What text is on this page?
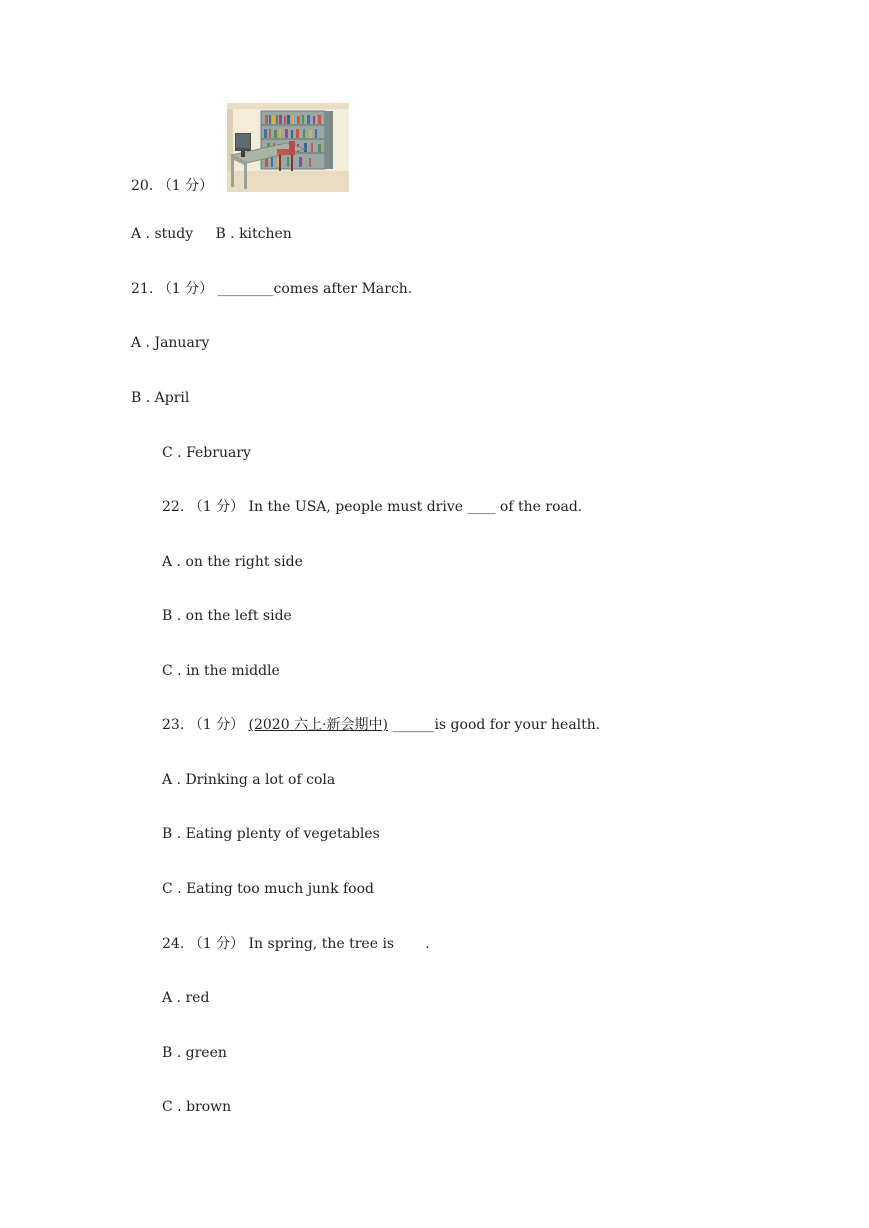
20. （1 分）
A . study B . kitchen
21. （1 分） ________comes after March.
A . January
B . April
C . February
22. （1 分） In the USA, people must drive ____ of the road.
A . on the right side
B . on the left side
C . in the middle
23. （1 分） (2020 六上·新会期中) ______is good for your health.
A . Drinking a lot of cola
B . Eating plenty of vegetables
C . Eating too much junk food
24. （1 分） In spring, the tree is       .
A . red
B . green
C . brown
